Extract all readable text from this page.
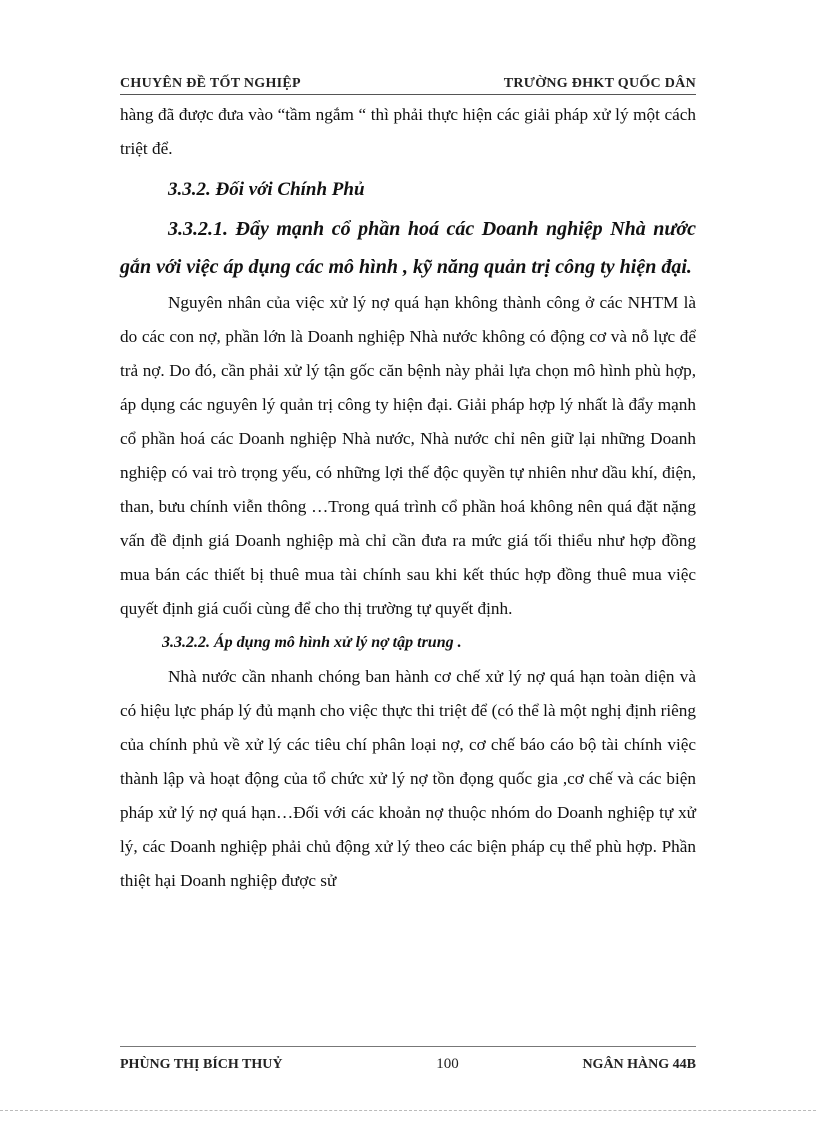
CHUYÊN ĐỀ TỐT NGHIỆP	TRƯỜNG ĐHKT QUỐC DÂN

hàng đã được đưa vào “tầm ngắm “ thì phải thực hiện các giải pháp xử lý một cách triệt để.

3.3.2. Đối với Chính Phủ

3.3.2.1. Đẩy mạnh cổ phần hoá các Doanh nghiệp Nhà nước gắn với việc áp dụng các mô hình , kỹ năng quản trị công ty hiện đại.

Nguyên nhân của việc xử lý nợ quá hạn không thành công ở các NHTM là do các con nợ, phần lớn là Doanh nghiệp Nhà nước không có động cơ và nỗ lực để trả nợ. Do đó, cần phải xử lý tận gốc căn bệnh này phải lựa chọn mô hình phù hợp, áp dụng các nguyên lý quản trị công ty hiện đại. Giải pháp hợp lý nhất là đẩy mạnh cổ phần hoá các Doanh nghiệp Nhà nước, Nhà nước chỉ nên giữ lại những Doanh nghiệp có vai trò trọng yếu, có những lợi thế độc quyền tự nhiên như dầu khí, điện, than, bưu chính viễn thông …Trong quá trình cổ phần hoá không nên quá đặt nặng vấn đề định giá Doanh nghiệp mà chỉ cần đưa ra mức giá tối thiểu như hợp đồng mua bán các thiết bị thuê mua tài chính sau khi kết thúc hợp đồng thuê mua việc quyết định giá cuối cùng để cho thị trường tự quyết định.

3.3.2.2. Áp dụng mô hình xử lý nợ tập trung .

Nhà nước cần nhanh chóng ban hành cơ chế xử lý nợ quá hạn toàn diện và có hiệu lực pháp lý đủ mạnh cho việc thực thi triệt để (có thể là một nghị định riêng của chính phủ về xử lý các tiêu chí phân loại nợ, cơ chế báo cáo bộ tài chính việc thành lập và hoạt động của tổ chức xử lý nợ tồn đọng quốc gia ,cơ chế và các biện pháp xử lý nợ quá hạn…Đối với các khoản nợ thuộc nhóm do Doanh nghiệp tự xử lý, các Doanh nghiệp phải chủ động xử lý theo các biện pháp cụ thể phù hợp. Phần thiệt hại Doanh nghiệp được sử

PHÙNG THỊ BÍCH THUỶ	100	NGÂN HÀNG 44B
